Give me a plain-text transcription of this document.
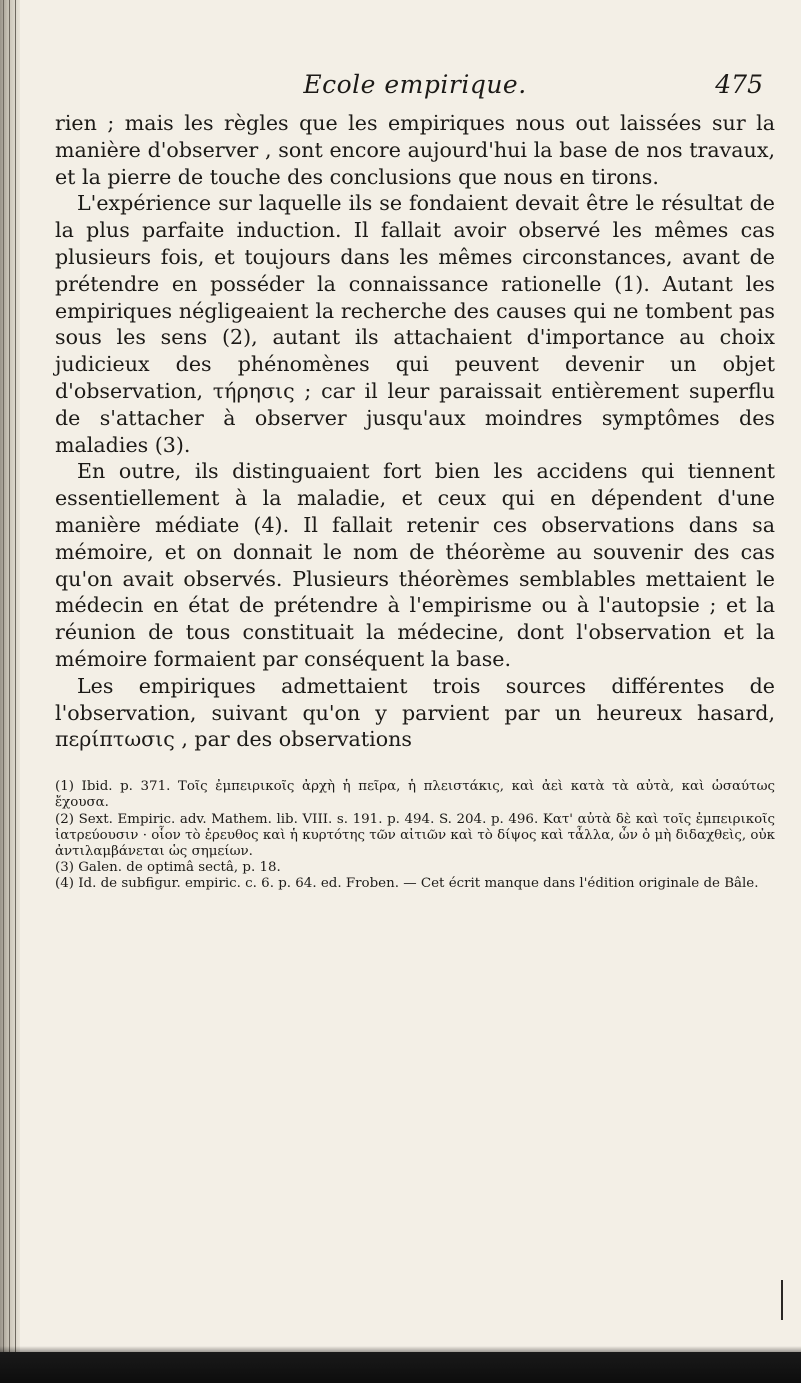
Ecole empirique.	475

rien ; mais les règles que les empiriques nous out laissées sur la manière d'observer , sont encore aujourd'hui la base de nos travaux, et la pierre de touche des conclusions que nous en tirons.

L'expérience sur laquelle ils se fondaient devait être le résultat de la plus parfaite induction. Il fallait avoir observé les mêmes cas plusieurs fois, et toujours dans les mêmes circonstances, avant de prétendre en posséder la connaissance rationelle (1). Autant les empiriques négligeaient la recherche des causes qui ne tombent pas sous les sens (2), autant ils attachaient d'importance au choix judicieux des phénomènes qui peuvent devenir un objet d'observation, τήρησις ; car il leur paraissait entièrement superflu de s'attacher à observer jusqu'aux moindres symptômes des maladies (3).

En outre, ils distinguaient fort bien les accidens qui tiennent essentiellement à la maladie, et ceux qui en dépendent d'une manière médiate (4). Il fallait retenir ces observations dans sa mémoire, et on donnait le nom de théorème au souvenir des cas qu'on avait observés. Plusieurs théorèmes semblables mettaient le médecin en état de prétendre à l'empirisme ou à l'autopsie ; et la réunion de tous constituait la médecine, dont l'observation et la mémoire formaient par conséquent la base.

Les empiriques admettaient trois sources différentes de l'observation, suivant qu'on y parvient par un heureux hasard, περίπτωσις , par des observations

(1) Ibid. p. 371. Τοῖς ἐμπειρικοῖς ἀρχὴ ἡ πεῖρα, ἡ πλειστάκις, καὶ ἀεὶ κατὰ τὰ αὐτὰ, καὶ ὡσαύτως ἔχουσα.

(2) Sext. Empiric. adv. Mathem. lib. VIII. s. 191. p. 494. S. 204. p. 496. Κατ' αὐτὰ δὲ καὶ τοῖς ἐμπειρικοῖς ἰατρεύουσιν · οἷον τὸ ἑρευθος καὶ ἡ κυρτότης τῶν αἰτιῶν καὶ τὸ δίψος καὶ τἆλλα, ὧν ὁ μὴ διδαχθεὶς, οὐκ ἀντιλαμβάνεται ὡς σημείων.

(3) Galen. de optimâ sectâ, p. 18.

(4) Id. de subfigur. empiric. c. 6. p. 64. ed. Froben. — Cet écrit manque dans l'édition originale de Bâle.
